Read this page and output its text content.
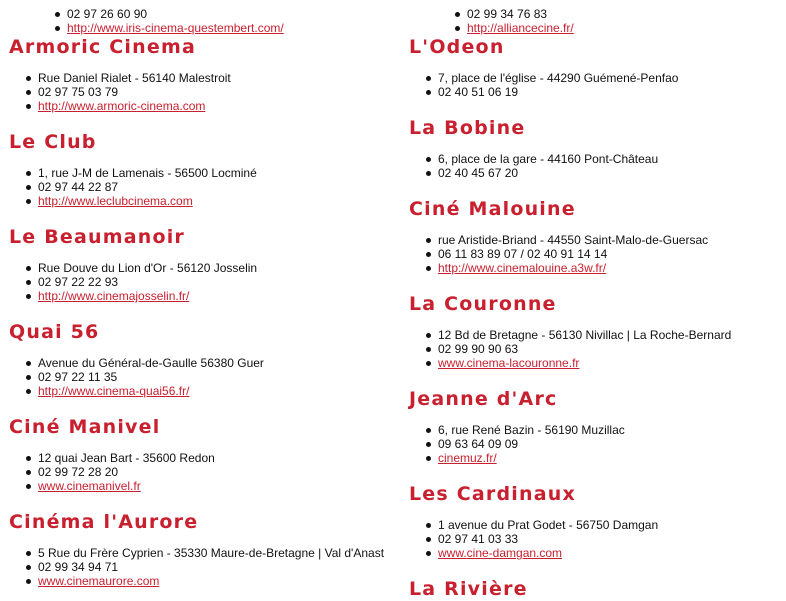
02 97 26 60 90
http://www.iris-cinema-questembert.com/
Armoric Cinema
Rue Daniel Rialet - 56140 Malestroit
02 97 75 03 79
http://www.armoric-cinema.com
Le Club
1, rue J-M de Lamenais - 56500 Locminé
02 97 44 22 87
http://www.leclubcinema.com
Le Beaumanoir
Rue Douve du Lion d'Or - 56120 Josselin
02 97 22 22 93
http://www.cinemajosselin.fr/
Quai 56
Avenue du Général-de-Gaulle 56380 Guer
02 97 22 11 35
http://www.cinema-quai56.fr/
Ciné Manivel
12 quai Jean Bart - 35600 Redon
02 99 72 28 20
www.cinemanivel.fr
Cinéma l'Aurore
5 Rue du Frère Cyprien - 35330 Maure-de-Bretagne | Val d'Anast
02 99 34 94 71
www.cinemaurore.com
02 99 34 76 83
http://alliancecine.fr/
L'Odeon
7, place de l'église - 44290 Guémené-Penfao
02 40 51 06 19
La Bobine
6, place de la gare - 44160 Pont-Château
02 40 45 67 20
Ciné Malouine
rue Aristide-Briand - 44550 Saint-Malo-de-Guersac
06 11 83 89 07 / 02 40 91 14 14
http://www.cinemalouine.a3w.fr/
La Couronne
12 Bd de Bretagne - 56130 Nivillac | La Roche-Bernard
02 99 90 90 63
www.cinema-lacouronne.fr
Jeanne d'Arc
6, rue René Bazin - 56190 Muzillac
09 63 64 09 09
cinemuz.fr/
Les Cardinaux
1 avenue du Prat Godet - 56750 Damgan
02 97 41 03 33
www.cine-damgan.com
La Rivière
